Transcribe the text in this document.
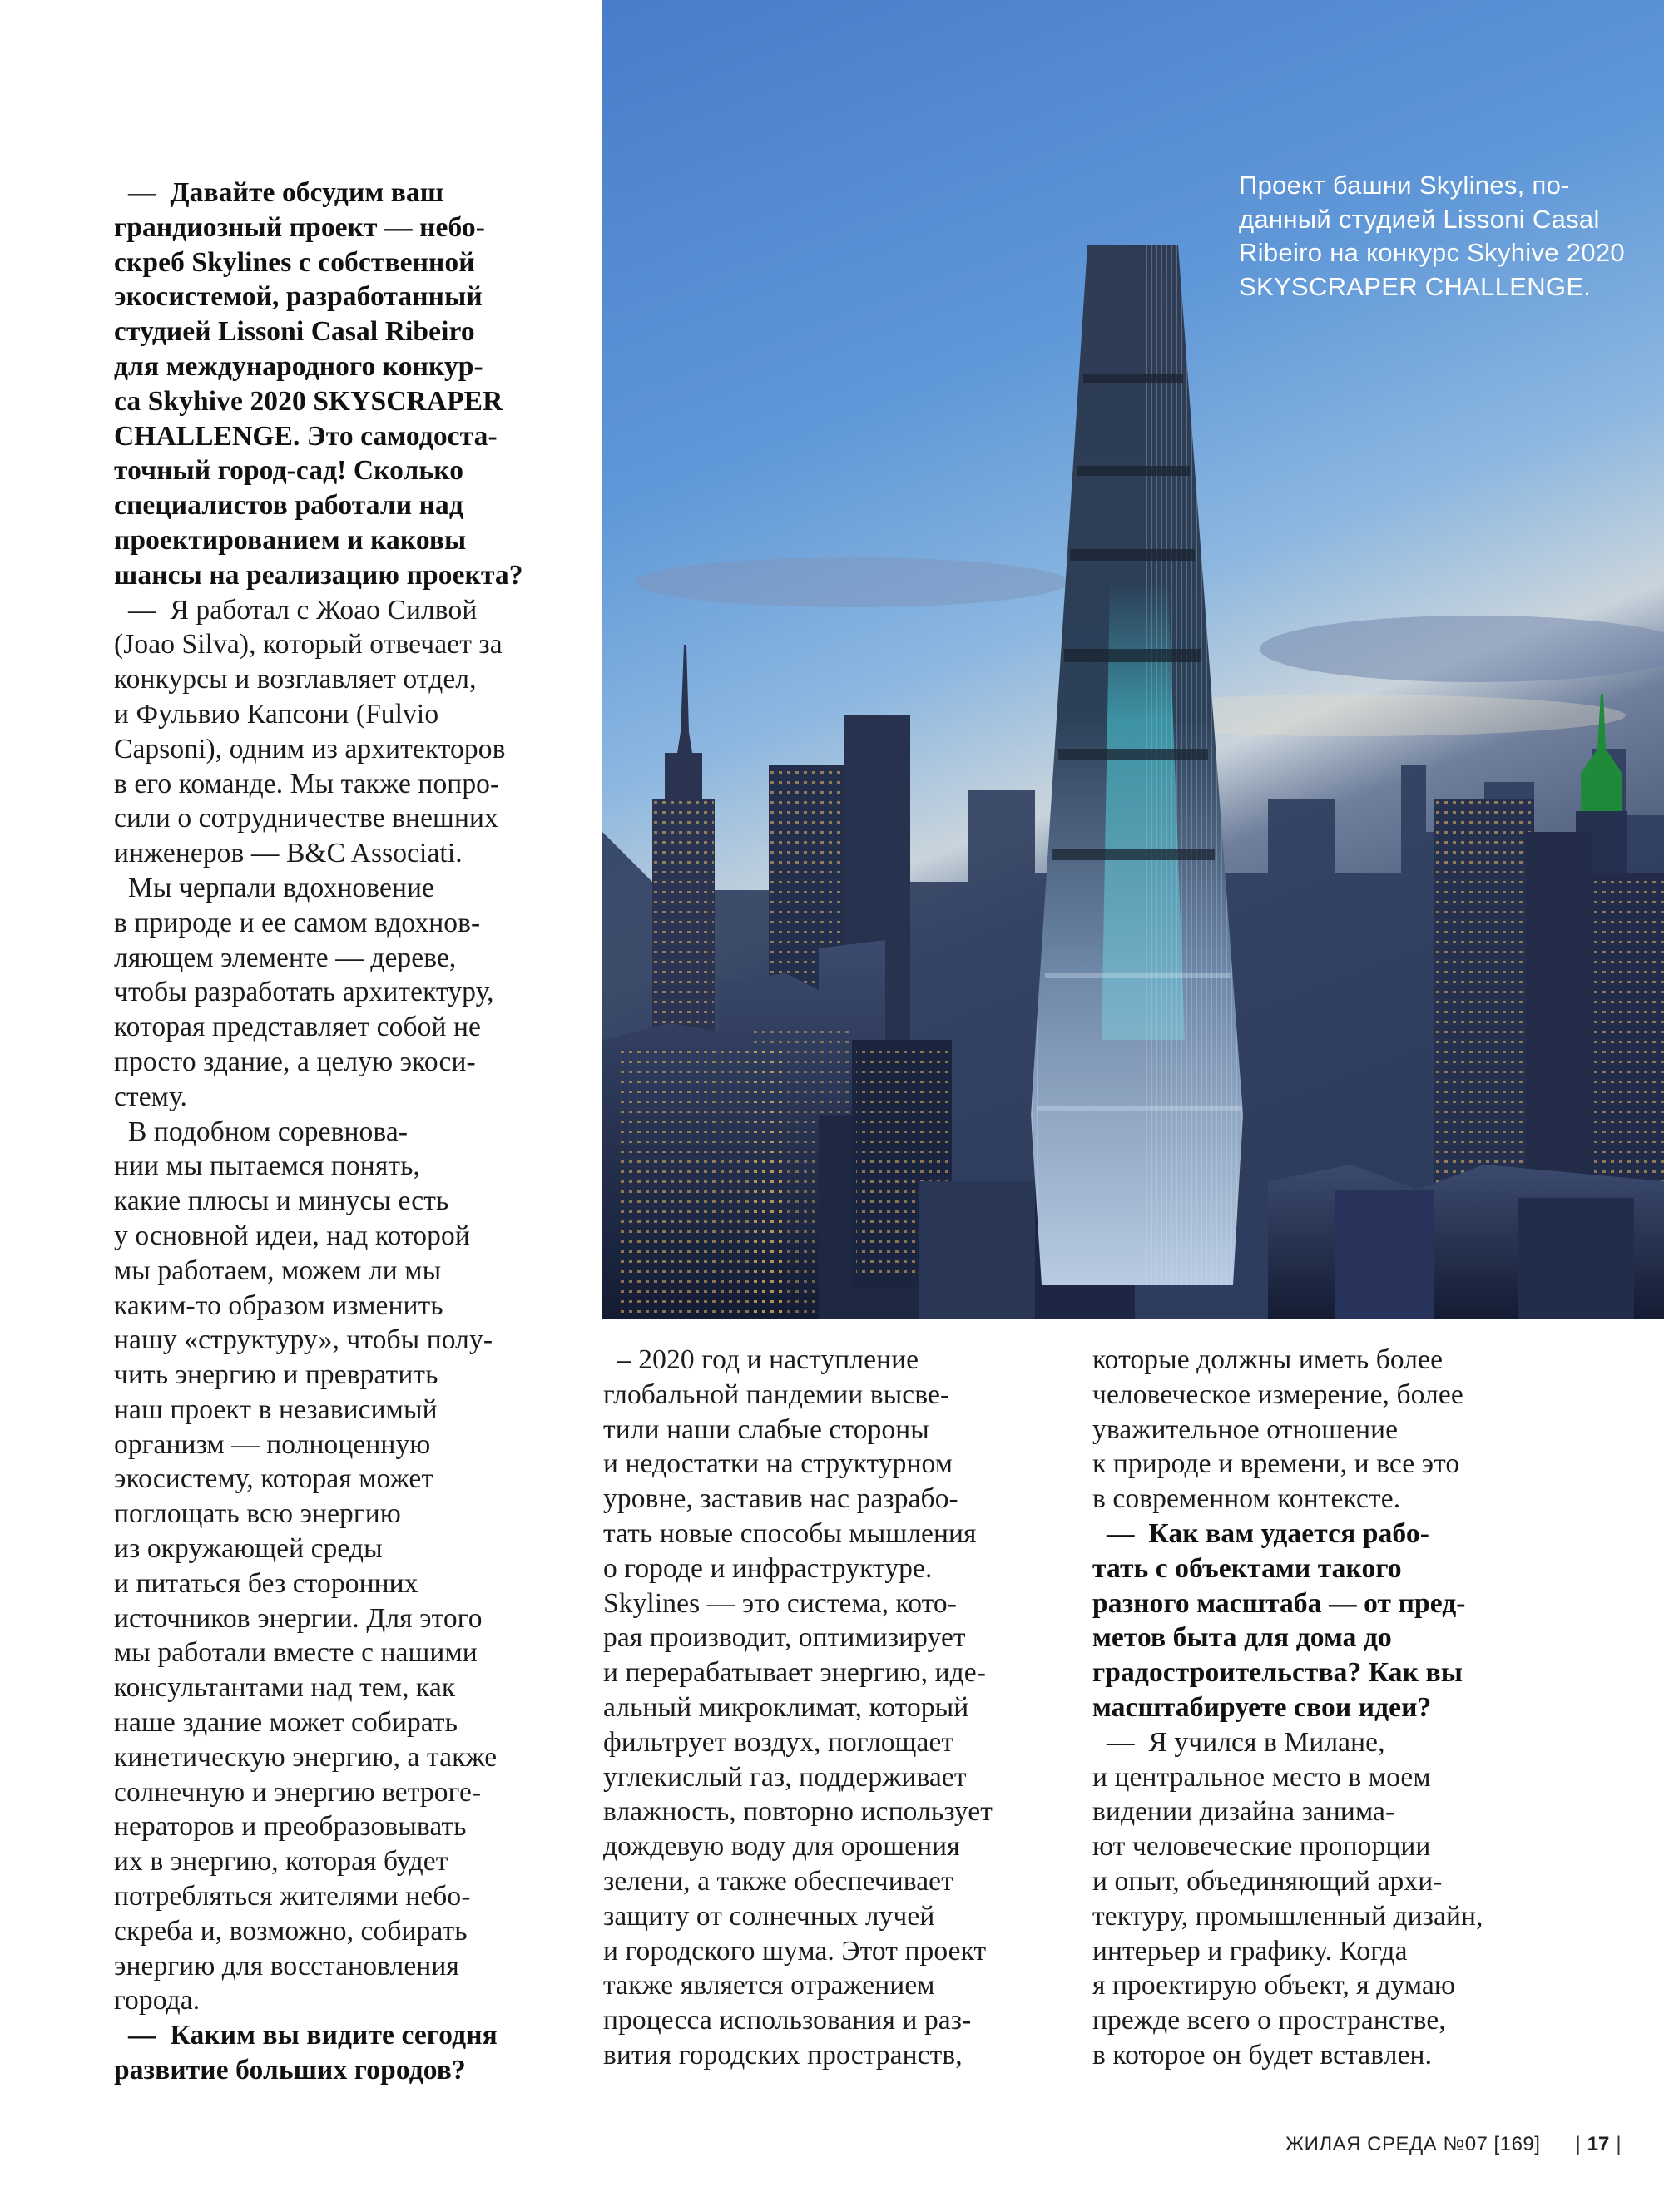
Проект башни Skylines, по-
данный студией Lissoni Casal
Ribeiro на конкурс Skyhive 2020
SKYSCRAPER CHALLENGE.
—  Давайте обсудим ваш
грандиозный проект — небо-
скреб Skylines с собственной
экосистемой, разработанный
студией Lissoni Casal Ribeiro
для международного конкур-
са Skyhive 2020 SKYSCRAPER
CHALLENGE. Это самодоста-
точный город-сад! Сколько
специалистов работали над
проектированием и каковы
шансы на реализацию проекта?
—  Я работал с Жоао Силвой
(Joao Silva), который отвечает за
конкурсы и возглавляет отдел,
и Фульвио Капсони (Fulvio
Capsoni), одним из архитекторов
в его команде. Мы также попро-
сили о сотрудничестве внешних
инженеров — B&C Associati.
Мы черпали вдохновение
в природе и ее самом вдохнов-
ляющем элементе — дереве,
чтобы разработать архитектуру,
которая представляет собой не
просто здание, а целую экоси-
стему.
В подобном соревнова-
нии мы пытаемся понять,
какие плюсы и минусы есть
у основной идеи, над которой
мы работаем, можем ли мы
каким-то образом изменить
нашу «структуру», чтобы полу-
чить энергию и превратить
наш проект в независимый
организм — полноценную
экосистему, которая может
поглощать всю энергию
из окружающей среды
и питаться без сторонних
источников энергии. Для этого
мы работали вместе с нашими
консультантами над тем, как
наше здание может собирать
кинетическую энергию, а также
солнечную и энергию ветроге-
нераторов и преобразовывать
их в энергию, которая будет
потребляться жителями небо-
скреба и, возможно, собирать
энергию для восстановления
города.
—  Каким вы видите сегодня
развитие больших городов?
– 2020 год и наступление
глобальной пандемии высве-
тили наши слабые стороны
и недостатки на структурном
уровне, заставив нас разрабо-
тать новые способы мышления
о городе и инфраструктуре.
Skylines — это система, кото-
рая производит, оптимизирует
и перерабатывает энергию, иде-
альный микроклимат, который
фильтрует воздух, поглощает
углекислый газ, поддерживает
влажность, повторно использует
дождевую воду для орошения
зелени, а также обеспечивает
защиту от солнечных лучей
и городского шума. Этот проект
также является отражением
процесса использования и раз-
вития городских пространств,
которые должны иметь более
человеческое измерение, более
уважительное отношение
к природе и времени, и все это
в современном контексте.
—  Как вам удается рабо-
тать с объектами такого
разного масштаба — от пред-
метов быта для дома до
градостроительства? Как вы
масштабируете свои идеи?
—  Я учился в Милане,
и центральное место в моем
видении дизайна занима-
ют человеческие пропорции
и опыт, объединяющий архи-
тектуру, промышленный дизайн,
интерьер и графику. Когда
я проектирую объект, я думаю
прежде всего о пространстве,
в которое он будет вставлен.
ЖИЛАЯ СРЕДА №07 [169] | 17 |
